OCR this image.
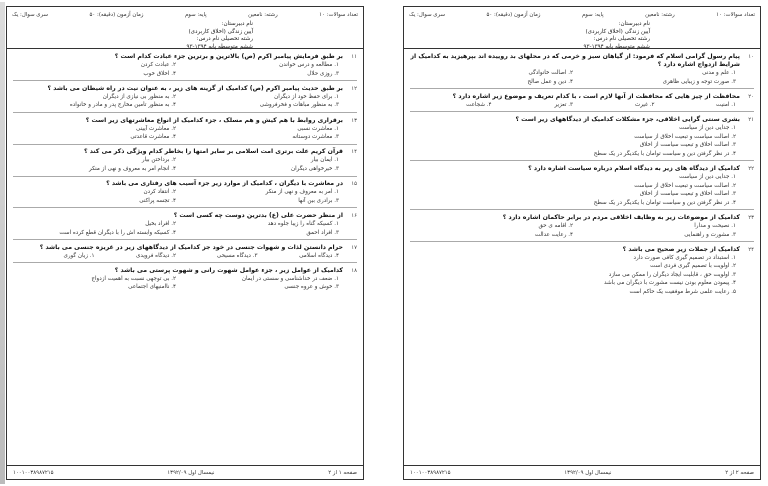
تعداد سوالات: ۱۰
رشته: نامعین
پایه: سوم
زمان آزمون (دقیقه): ۵۰
سری سوال: یک
نام دبیرستان:
آیین زندگی (اخلاق کاربردی)
رشته تحصیلی نام درس:
ششم متوسطه پایه ۱۳۹۴-۹۳
۱۱
بر طبق فرمایش پیامبر اکرم (ص) بالاترین و برترین جزء عبادت کدام است ؟
۱. مطالعه و درس خواندن
۲. عبادت کردن
۳. روزی حلال
۴. اخلاق خوب
۱۲
بر طبق حدیث پیامبر اکرم (ص) کدامیک از گزینه های زیر ، به عنوان نیت در راه شیطان می باشد ؟
۱. برای حفظ خود از دیگران
۲. به منظور بی نیازی از دیگران
۳. به منظور مباهات و فخرفروشی
۴. به منظور تأمین مخارج پدر و مادر و خانواده
۱۳
برقراری روابط با هم کیش و هم مسلک ، جزء کدامیک از انواع معاشرتهای زیر است ؟
۱. معاشرت نسبی
۲. معاشرت آیینی
۳. معاشرت دوستانه
۴. معاشرت قاعدتی
۱۴
قرآن کریم علت برتری امت اسلامی بر سایر امتها را بخاطر کدام ویژگی ذکر می کند ؟
۱. ایمان بیار
۲. برداختن بیار
۳. خیرخواهی دیگران
۴. انجام امر به معروف و نهی از منکر
۱۵
در معاشرت با دیگران ، کدامیک از موارد زیر جزء آسیب های رفتاری می باشد ؟
۱. امر به معروف و نهی از منکر
۲. انتقاد کردن
۳. برادری بین آنها
۴. تجسه پراکنی
۱۶
از منظر حضرت علی (ع) بدترین دوست چه کسی است ؟
۱. کسیکه گناه را زیبا جلوه دهد
۲. افراد بخیل
۳. افراد احمق
۴. کسیکه وابسته اش را با دیگران قطع کرده است
۱۷
حرام دانستن لذات و شهوات جنسی در خود جز کدامیک از دیدگاههای زیر در غریزه جنسی می باشد ؟
۴. دیدگاه اسلامی
۳. دیدگاه مسیحی
۲. دیدگاه فرویدی
۱. زیان گوری
۱۸
کدامیک از عوامل زیر ، جزء عوامل شهوت رانی و شهوت پرستی می باشد ؟
۱. ضعف در خداشناسی و سستی در ایمان
۲. بی توجهی نسبت به اهمیت ازدواج
۳. خوش و عروه جنسی
۴. ناامنیهای اجتماعی
صفحه ۱ از ۲
نیمسال اول ۱۳۹۲/۰۹
۱۰۰۱۰۰۳۸۹۸۷۲۱۵
تعداد سوالات: ۱۰
رشته: نامعین
پایه: سوم
زمان آزمون (دقیقه): ۵۰
سری سوال: یک
نام دبیرستان:
آیین زندگی (اخلاق کاربردی)
رشته تحصیلی نام درس:
ششم متوسطه پایه ۱۳۹۴-۹۳
۱۰
پیام رسول گرامی اسلام که فرمود: از گیاهان سبز و خرمی که در محلهای بد روییده اند بپرهیزید به کدامیک از شرایط ازدواج اشاره دارد ؟
۱. علم و مدنی
۲. اصالت خانوادگی
۳. صورت توجه و زیبایی ظاهری
۴. دین و عمل صالح
۲۰
محافظت از چیز هایی که محافظت از آنها لازم است ، با کدام تعریف و موضوع زیر اشاره دارد ؟
۱. امنیت
۲. غیرت
۳. تعزیر
۴. شجاعت
۲۱
بشری سنتی گرایی اخلاقی، جزء مشکلات کدامیک از دیدگاههای زیر است ؟
۱. جدایی دین از سیاست
۲. اصالت سیاست و تبعیت اخلاق از سیاست
۳. اصالت اخلاق و تبعیت سیاست از اخلاق
۴. در نظر گرفتن دین و سیاست توامان با یکدیگر در یک سطح
۲۲
کدامیک از دیدگاه های زیر به دیدگاه اسلام درباره سیاست اشاره دارد ؟
۱. جدایی دین از سیاست
۲. اصالت سیاست و تبعیت اخلاق از سیاست
۳. اصالت اخلاق و تبعیت سیاست از اخلاق
۴. در نظر گرفتن دین و سیاست توامان با یکدیگر در یک سطح
۲۳
کدامیک از موضوعات زیر به وظایف اخلاقی مردم در برابر حاکمان اشاره دارد ؟
۱. نصیحت و مدارا
۲. اقامه ی حق
۳. مشورت و راهنمایی
۴. رعایت عدالت
۲۴
کدامیک از جملات زیر صحیح می باشد ؟
۱. استبداد در تصمیم گیری کافی صورت دارد
۲. اولویت با تصمیم گیری فردی است
۳. اولویت حق ، قابلیت ایجاد دیگران را ممکن می سازد
۴. پیمودن معلوم بودن نیست مشورت با دیگران می باشد
۵. رعایت علمی شرط موفقیت یک حاکم است
صفحه ۲ از ۲
نیمسال اول ۱۳۹۲/۰۹
۱۰۰۱۰۰۳۸۹۸۷۲۱۵
